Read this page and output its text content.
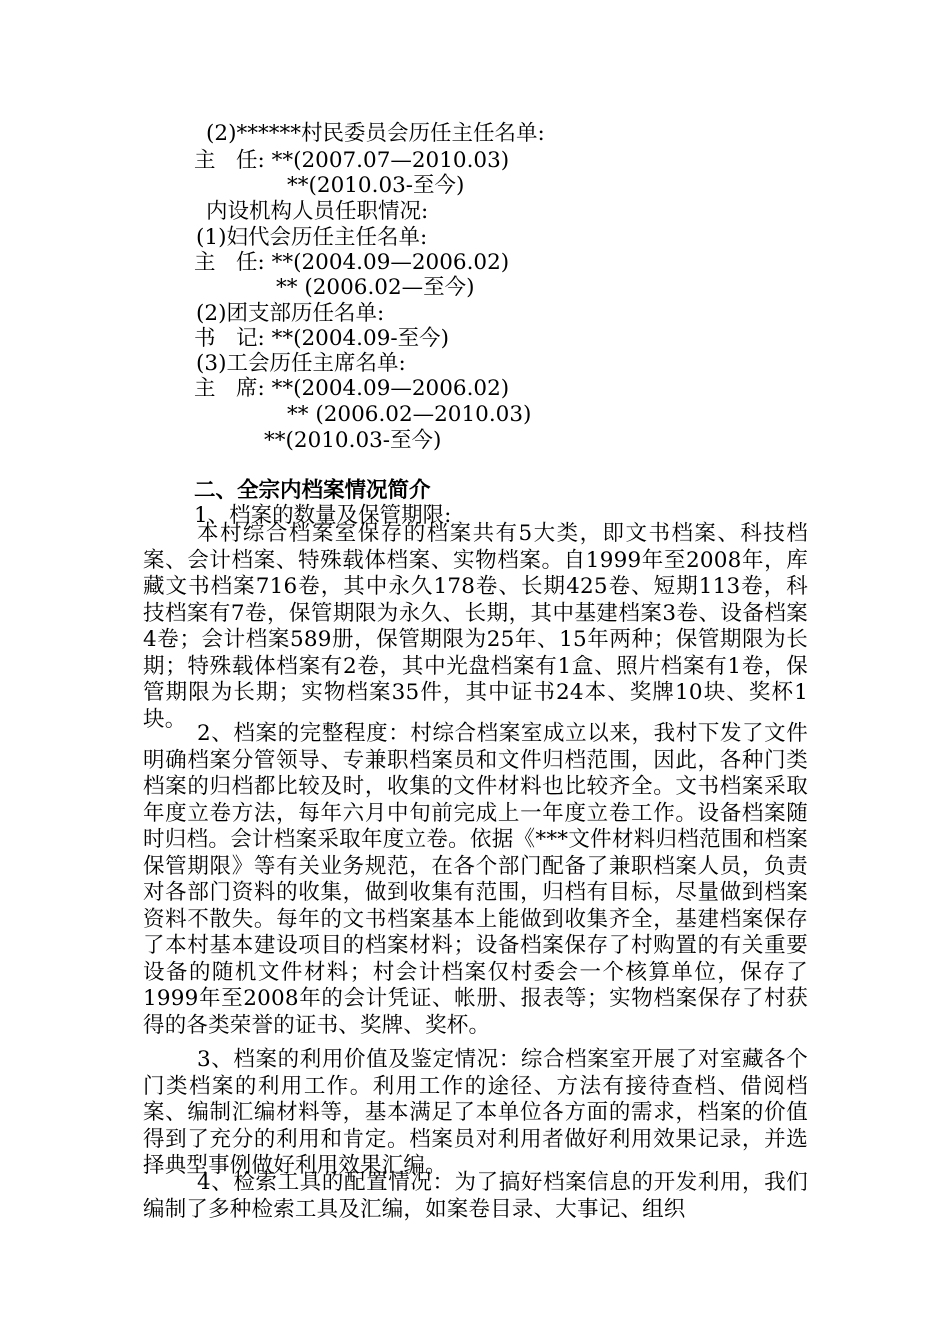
(2)******村民委员会历任主任名单:

主   任: **(2007.07—2010.03)

**(2010.03-至今)

内设机构人员任职情况:

(1)妇代会历任主任名单:

主   任: **(2004.09—2006.02)

** (2006.02—至今)

(2)团支部历任名单:

书   记: **(2004.09-至今)

(3)工会历任主席名单:

主   席: **(2004.09—2006.02)

** (2006.02—2010.03)

**(2010.03-至今)

二、全宗内档案情况简介

1、档案的数量及保管期限:

本村综合档案室保存的档案共有5大类，即文书档案、科技档案、会计档案、特殊载体档案、实物档案。自1999年至2008年，库藏文书档案716卷，其中永久178卷、长期425卷、短期113卷，科技档案有7卷，保管期限为永久、长期，其中基建档案3卷、设备档案4卷；会计档案589册，保管期限为25年、15年两种；保管期限为长期；特殊载体档案有2卷，其中光盘档案有1盒、照片档案有1卷，保管期限为长期；实物档案35件，其中证书24本、奖牌10块、奖杯1块。

2、档案的完整程度：村综合档案室成立以来，我村下发了文件明确档案分管领导、专兼职档案员和文件归档范围，因此，各种门类档案的归档都比较及时，收集的文件材料也比较齐全。文书档案采取年度立卷方法，每年六月中旬前完成上一年度立卷工作。设备档案随时归档。会计档案采取年度立卷。依据《***文件材料归档范围和档案保管期限》等有关业务规范，在各个部门配备了兼职档案人员，负责对各部门资料的收集，做到收集有范围，归档有目标，尽量做到档案资料不散失。每年的文书档案基本上能做到收集齐全，基建档案保存了本村基本建设项目的档案材料；设备档案保存了村购置的有关重要设备的随机文件材料；村会计档案仅村委会一个核算单位，保存了1999年至2008年的会计凭证、帐册、报表等；实物档案保存了村获得的各类荣誉的证书、奖牌、奖杯。

3、档案的利用价值及鉴定情况：综合档案室开展了对室藏各个门类档案的利用工作。利用工作的途径、方法有接待查档、借阅档案、编制汇编材料等，基本满足了本单位各方面的需求，档案的价值得到了充分的利用和肯定。档案员对利用者做好利用效果记录，并选择典型事例做好利用效果汇编。

4、检索工具的配置情况：为了搞好档案信息的开发利用，我们编制了多种检索工具及汇编，如案卷目录、大事记、组织
